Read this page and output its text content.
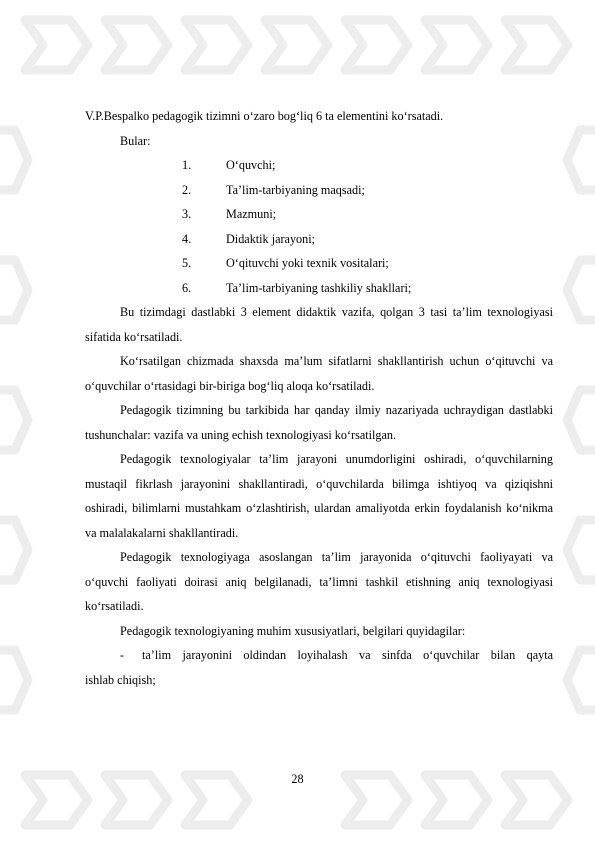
V.P.Bespalko pedagogik tizimni o‘zaro bog‘liq 6 ta elementini ko‘rsatadi.

Bular:

1.	O‘quvchi;
2.	Ta’lim-tarbiyaning maqsadi;
3.	Mazmuni;
4.	Didaktik jarayoni;
5.	O‘qituvchi yoki texnik vositalari;
6.	Ta’lim-tarbiyaning tashkiliy shakllari;

Bu tizimdagi dastlabki 3 element didaktik vazifa, qolgan 3 tasi ta’lim texnologiyasi sifatida ko‘rsatiladi.

Ko‘rsatilgan chizmada shaxsda ma’lum sifatlarni shakllantirish uchun o‘qituvchi va o‘quvchilar o‘rtasidagi bir-biriga bog‘liq aloqa ko‘rsatiladi.

Pedagogik tizimning bu tarkibida har qanday ilmiy nazariyada uchraydigan dastlabki tushunchalar: vazifa va uning echish texnologiyasi ko‘rsatilgan.

Pedagogik texnologiyalar ta’lim jarayoni unumdorligini oshiradi, o‘quvchilarning mustaqil fikrlash jarayonini shakllantiradi, o‘quvchilarda bilimga ishtiyoq va qiziqishni oshiradi, bilimlarni mustahkam o‘zlashtirish, ulardan amaliyotda erkin foydalanish ko‘nikma va malalakalarni shakllantiradi.

Pedagogik texnologiyaga asoslangan ta’lim jarayonida o‘qituvchi faoliyayati va o‘quvchi faoliyati doirasi aniq belgilanadi, ta’limni tashkil etishning aniq texnologiyasi ko‘rsatiladi.

Pedagogik texnologiyaning muhim xususiyatlari, belgilari quyidagilar:

-	ta’lim jarayonini oldindan loyihalash va sinfda o‘quvchilar bilan qayta
ishlab chiqish;
28
